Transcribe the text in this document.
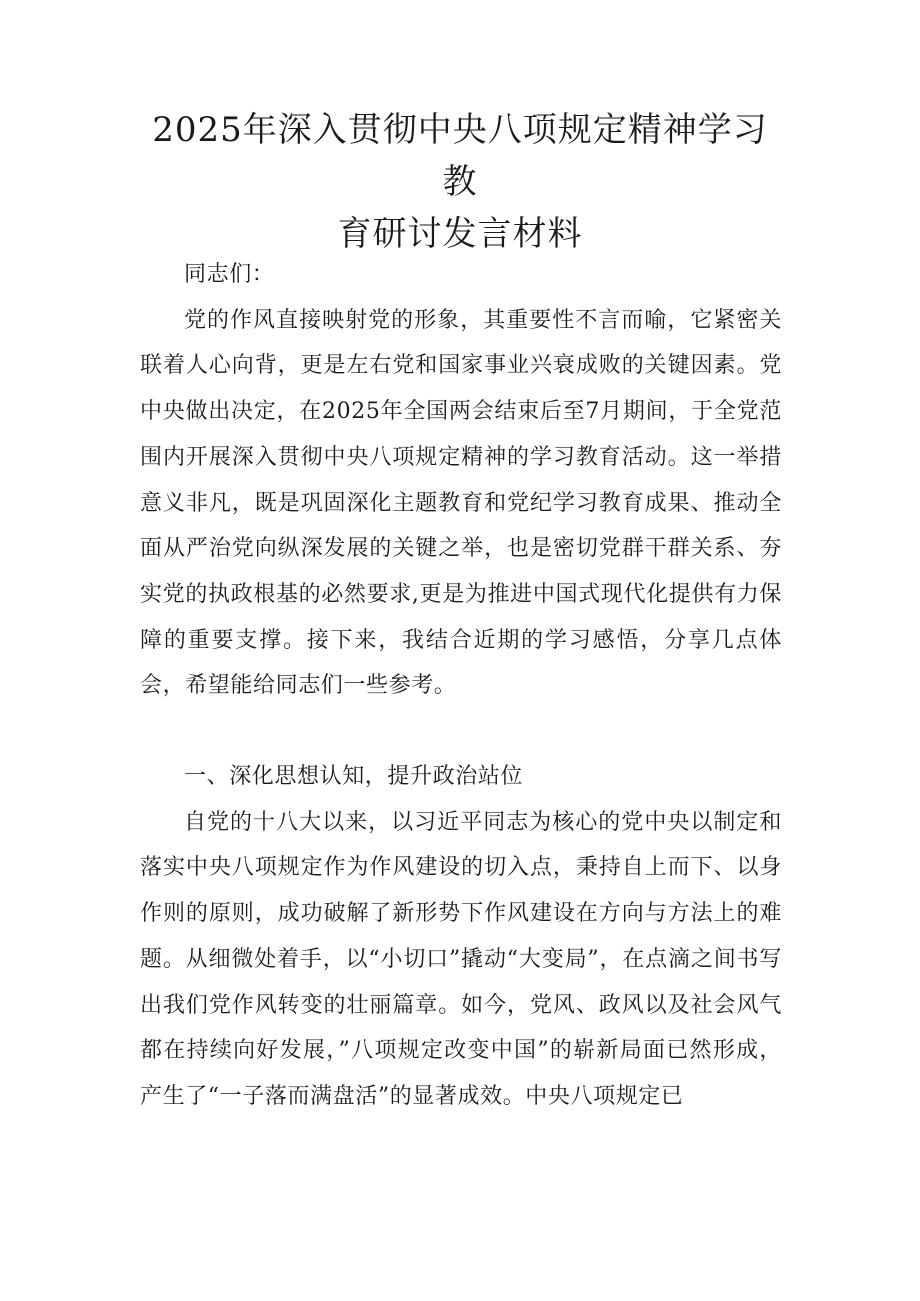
2025年深入贯彻中央八项规定精神学习教
育研讨发言材料

同志们：

党的作风直接映射党的形象，其重要性不言而喻，它紧密关联着人心向背，更是左右党和国家事业兴衰成败的关键因素。党中央做出决定，在2025年全国两会结束后至7月期间，于全党范围内开展深入贯彻中央八项规定精神的学习教育活动。这一举措意义非凡，既是巩固深化主题教育和党纪学习教育成果、推动全面从严治党向纵深发展的关键之举，也是密切党群干群关系、夯实党的执政根基的必然要求,更是为推进中国式现代化提供有力保障的重要支撑。接下来，我结合近期的学习感悟，分享几点体会，希望能给同志们一些参考。

一、深化思想认知，提升政治站位

自党的十八大以来，以习近平同志为核心的党中央以制定和落实中央八项规定作为作风建设的切入点，秉持自上而下、以身作则的原则，成功破解了新形势下作风建设在方向与方法上的难题。从细微处着手，以“小切口”撬动“大变局”，在点滴之间书写出我们党作风转变的壮丽篇章。如今，党风、政风以及社会风气都在持续向好发展，”八项规定改变中国”的崭新局面已然形成，产生了“一子落而满盘活”的显著成效。中央八项规定已
